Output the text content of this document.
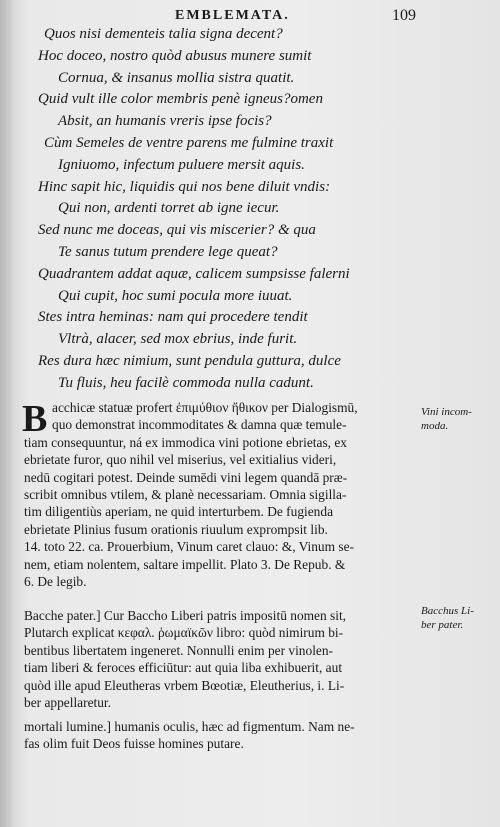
EMBLEMATA.	109
Quos nisi dementeis talia signa decent?
Hoc doceo, nostro quòd abusus munere sumit
Cornua, & insanus mollia sistra quatit.
Quid vult ille color membris penè igneus?omen
Absit, an humanis vreris ipse focis?
Cùm Semeles de ventre parens me fulmine traxit
Igniuomo, infectum puluere mersit aquis.
Hinc sapit hic, liquidis qui nos bene diluit vndis:
Qui non, ardenti torret ab igne iecur.
Sed nunc me doceas, qui vis miscerier? & qua
Te sanus tutum prendere lege queat?
Quadrantem addat aquæ, calicem sumpsisse falerni
Qui cupit, hoc sumi pocula more iuuat.
Stes intra heminas: nam qui procedere tendit
Vltrà, alacer, sed mox ebrius, inde furit.
Res dura hæc nimium, sunt pendula guttura, dulce
Tu fluis, heu facilè commoda nulla cadunt.
B acchicæ statuæ profert ἐπιμύθιον ἤθικον per Dialogismū,
quo demonstrat incommoditates & damna quæ temule-
tiam consequuntur, ná ex immodica vini potione ebrietas, ex
ebrietate furor, quo nihil vel miserius, vel exitialius videri,
nedū cogitari potest. Deinde sumēdi vini legem quandā præ-
scribit omnibus vtilem, & planè necessariam. Omnia sigilla-
tim diligentiùs aperiam, ne quid interturbem. De fugienda
ebrietate Plinius fusum orationis riuulum exprompsit lib.
14. toto 22. ca. Prouerbium, Vinum caret clauo: &, Vinum se-
nem, etiam nolentem, saltare impellit. Plato 3. De Repub. &
6. De legib.
Vini incom-
moda.
Bacche pater.] Cur Baccho Liberi patris impositū nomen sit,
Plutarch explicat κεφαλ. ῥωμαϊκῶν libro: quòd nimirum bi-
bentibus libertatem ingeneret. Nonnulli enim per vinolen-
tiam liberi & feroces efficiūtur: aut quia liba exhibuerit, aut
quòd ille apud Eleutheras vrbem Bœotiæ, Eleutherius, i. Li-
ber appellaretur.
Bacchus Li-
ber pater.
mortali lumine.] humanis oculis, hæc ad figmentum. Nam ne-
fas olim fuit Deos fuisse homines putare.
